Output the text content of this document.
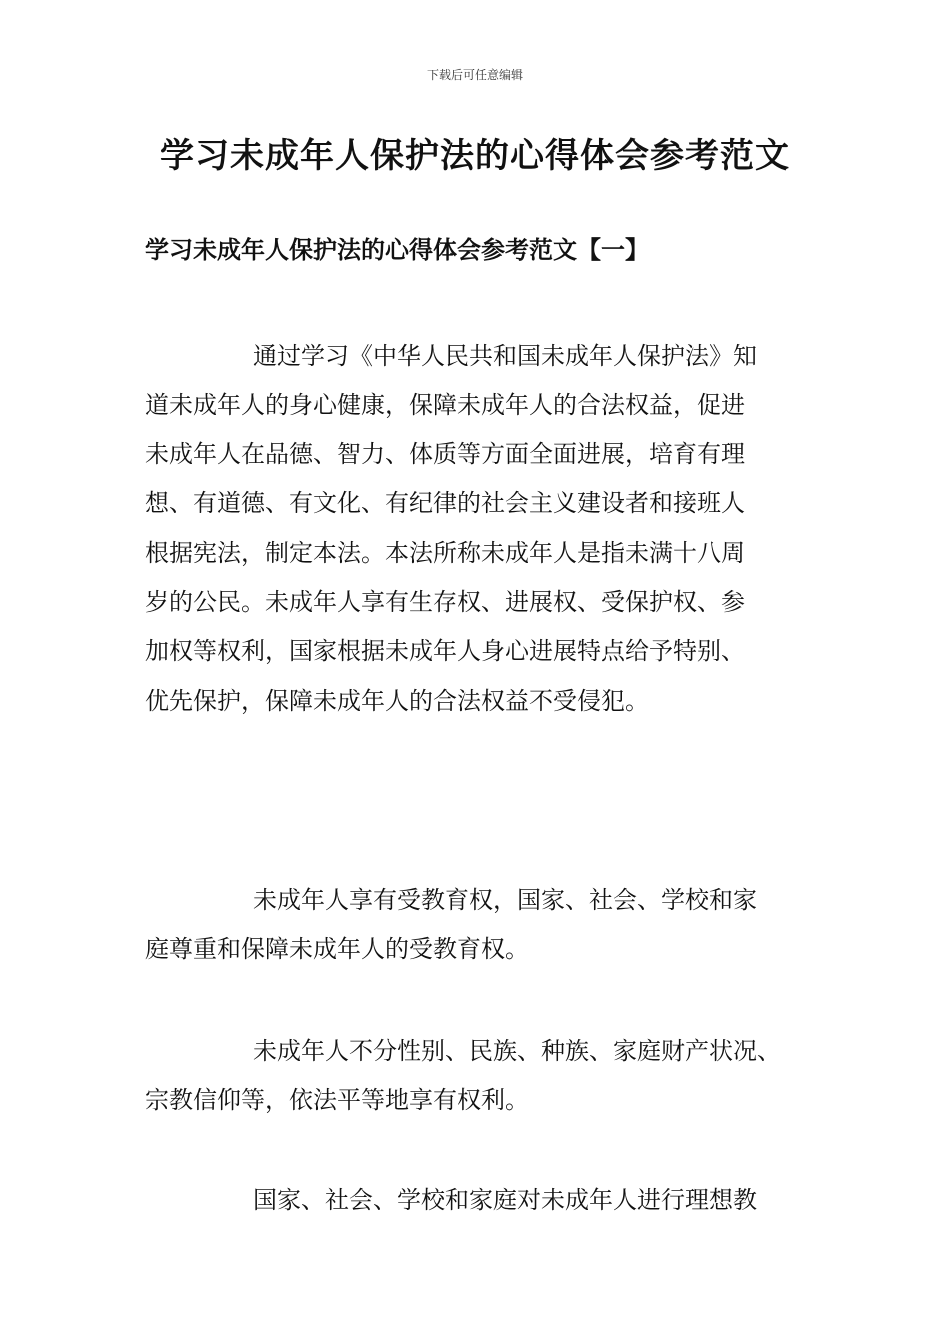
下载后可任意编辑
学习未成年人保护法的心得体会参考范文
学习未成年人保护法的心得体会参考范文【一】
通过学习《中华人民共和国未成年人保护法》知
道未成年人的身心健康，保障未成年人的合法权益，促进
未成年人在品德、智力、体质等方面全面进展，培育有理
想、有道德、有文化、有纪律的社会主义建设者和接班人
根据宪法，制定本法。本法所称未成年人是指未满十八周
岁的公民。未成年人享有生存权、进展权、受保护权、参
加权等权利，国家根据未成年人身心进展特点给予特别、
优先保护，保障未成年人的合法权益不受侵犯。
未成年人享有受教育权，国家、社会、学校和家
庭尊重和保障未成年人的受教育权。
未成年人不分性别、民族、种族、家庭财产状况、
宗教信仰等，依法平等地享有权利。
国家、社会、学校和家庭对未成年人进行理想教
